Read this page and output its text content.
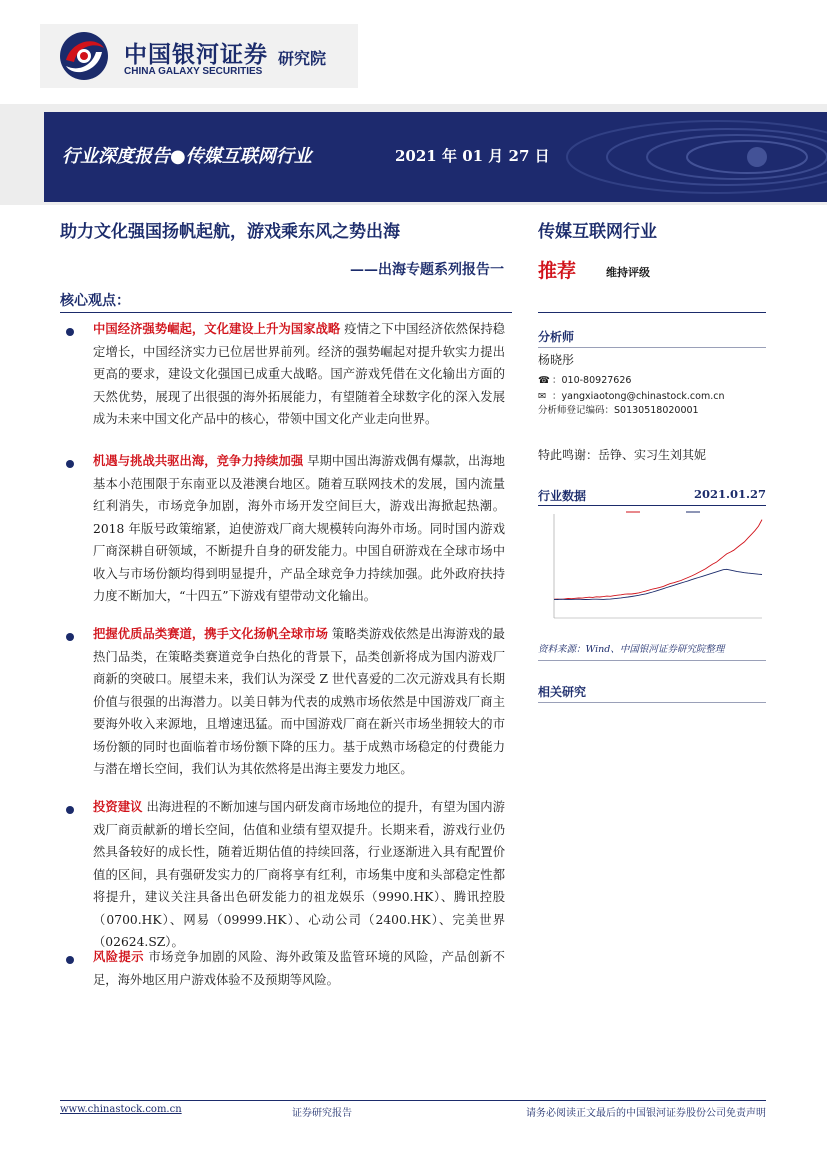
中国银河证券
CHINA GALAXY SECURITIES
研究院
行业深度报告●传媒互联网行业	2021 年 01 月 27 日
助力文化强国扬帆起航，游戏乘东风之势出海
——出海专题系列报告一
核心观点：
中国经济强势崛起，文化建设上升为国家战略 疫情之下中国经济依然保持稳定增长，中国经济实力已位居世界前列。经济的强势崛起对提升软实力提出更高的要求，建设文化强国已成重大战略。国产游戏凭借在文化输出方面的天然优势，展现了出很强的海外拓展能力，有望随着全球数字化的深入发展成为未来中国文化产品中的核心，带领中国文化产业走向世界。
机遇与挑战共驱出海，竞争力持续加强 早期中国出海游戏偶有爆款，出海地基本小范围限于东南亚以及港澳台地区。随着互联网技术的发展，国内流量红利消失，市场竞争加剧，海外市场开发空间巨大，游戏出海掀起热潮。2018 年版号政策缩紧，迫使游戏厂商大规模转向海外市场。同时国内游戏厂商深耕自研领域，不断提升自身的研发能力。中国自研游戏在全球市场中收入与市场份额均得到明显提升，产品全球竞争力持续加强。此外政府扶持力度不断加大，“十四五”下游戏有望带动文化输出。
把握优质品类赛道，携手文化扬帆全球市场 策略类游戏依然是出海游戏的最热门品类，在策略类赛道竞争白热化的背景下，品类创新将成为国内游戏厂商新的突破口。展望未来，我们认为深受 Z 世代喜爱的二次元游戏具有长期价值与很强的出海潜力。以美日韩为代表的成熟市场依然是中国游戏厂商主要海外收入来源地，且增速迅猛。而中国游戏厂商在新兴市场坐拥较大的市场份额的同时也面临着市场份额下降的压力。基于成熟市场稳定的付费能力与潜在增长空间，我们认为其依然将是出海主要发力地区。
投资建议 出海进程的不断加速与国内研发商市场地位的提升，有望为国内游戏厂商贡献新的增长空间，估值和业绩有望双提升。长期来看，游戏行业仍然具备较好的成长性，随着近期估值的持续回落，行业逐渐进入具有配置价值的区间，具有强研发实力的厂商将享有红利，市场集中度和头部稳定性都将提升，建议关注具备出色研发能力的祖龙娱乐（9990.HK）、腾讯控股（0700.HK）、网易（09999.HK）、心动公司（2400.HK）、完美世界（02624.SZ）。
风险提示 市场竞争加剧的风险、海外政策及监管环境的风险，产品创新不足，海外地区用户游戏体验不及预期等风险。
传媒互联网行业
推荐	维持评级
分析师
杨晓彤
☎ ：010-80927626
✉ ：yangxiaotong@chinastock.com.cn
分析师登记编码：S0130518020001
特此鸣谢：岳铮、实习生刘其妮
行业数据	2021.01.27
资料来源：Wind、中国银河证券研究院整理
相关研究
www.chinastock.com.cn	证券研究报告	请务必阅读正文最后的中国银河证券股份公司免责声明
